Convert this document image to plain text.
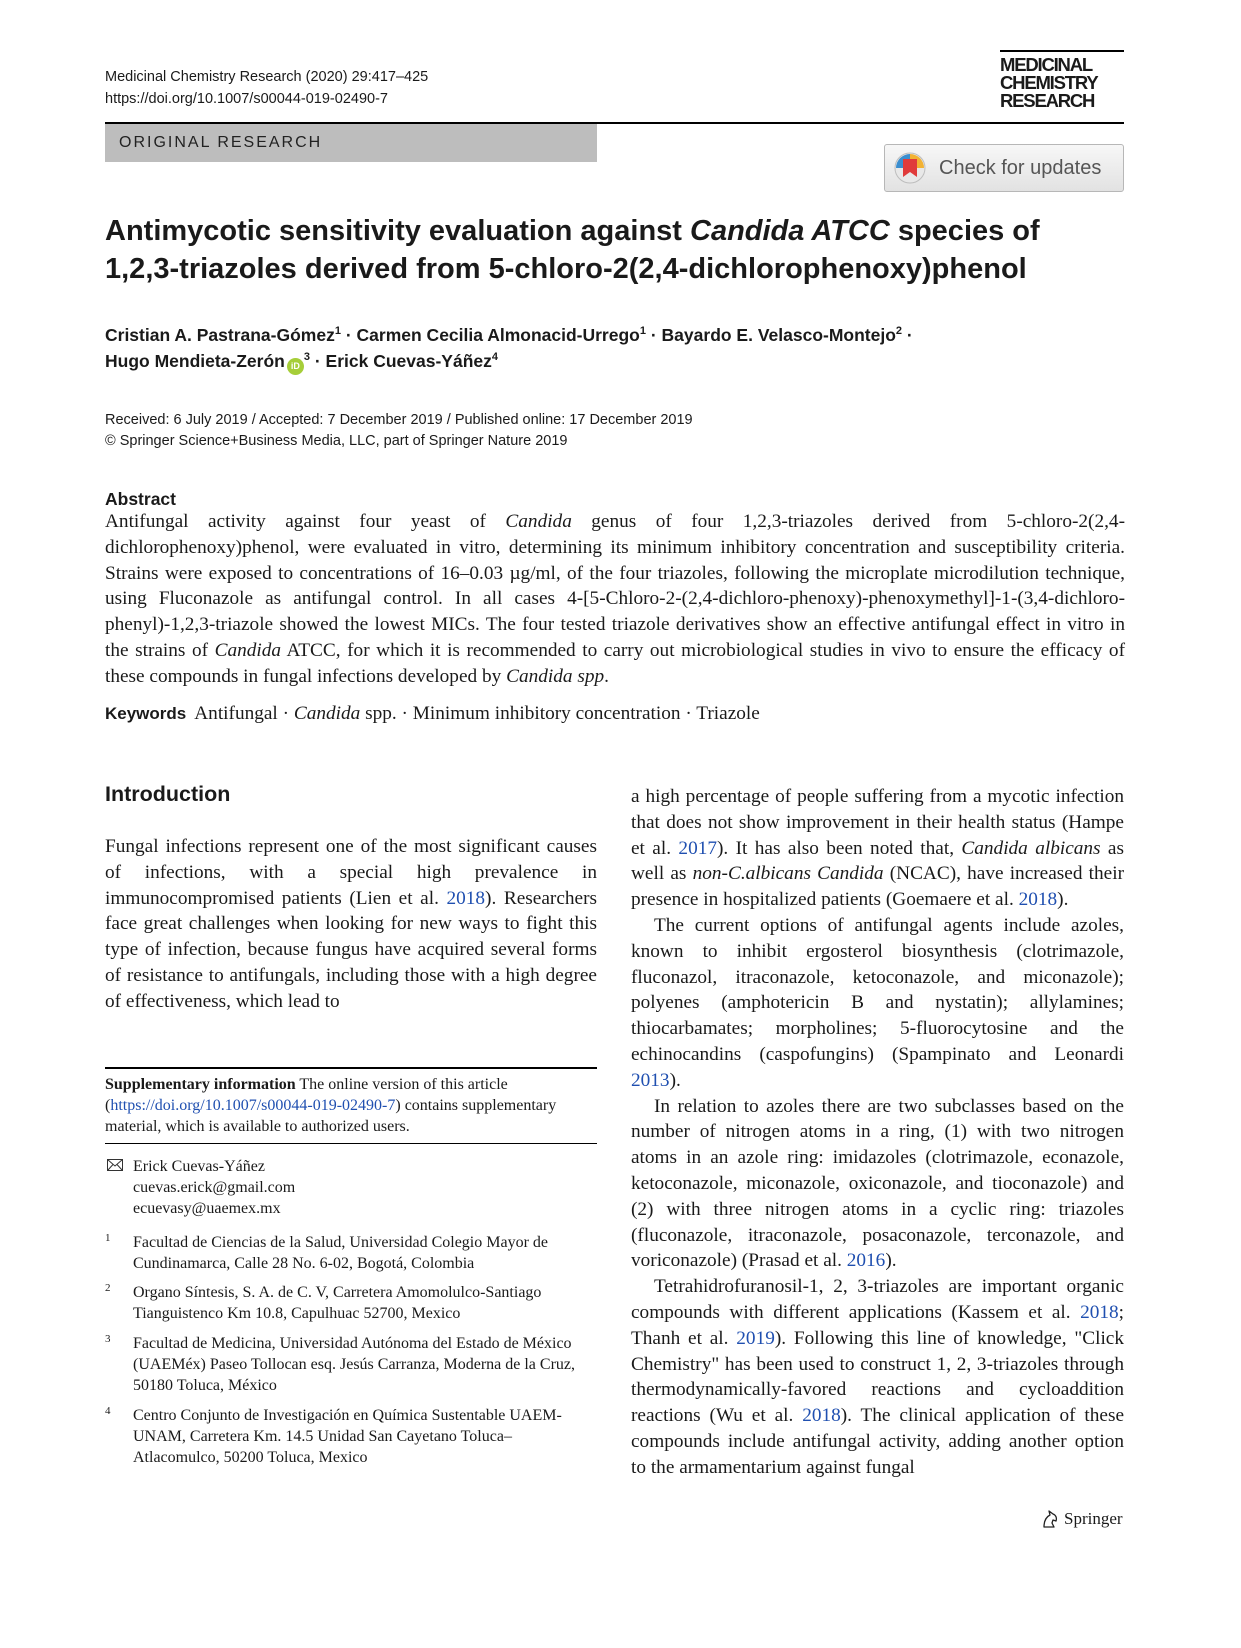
Medicinal Chemistry Research (2020) 29:417–425
https://doi.org/10.1007/s00044-019-02490-7
MEDICINAL
CHEMISTRY
RESEARCH
ORIGINAL RESEARCH
Check for updates
Antimycotic sensitivity evaluation against Candida ATCC species of
1,2,3-triazoles derived from 5-chloro-2(2,4-dichlorophenoxy)phenol
Cristian A. Pastrana-Gómez$^1$ · Carmen Cecilia Almonacid-Urrego$^1$ · Bayardo E. Velasco-Montejo$^2$ ·
Hugo Mendieta-Zerón $iD^3$ · Erick Cuevas-Yáñez$^4$
Received: 6 July 2019 / Accepted: 7 December 2019 / Published online: 17 December 2019
© Springer Science+Business Media, LLC, part of Springer Nature 2019
Abstract
Antifungal activity against four yeast of Candida genus of four 1,2,3-triazoles derived from 5-chloro-2(2,4-dichlorophenoxy)phenol, were evaluated in vitro, determining its minimum inhibitory concentration and susceptibility criteria. Strains were exposed to concentrations of 16–0.03 µg/ml, of the four triazoles, following the microplate microdilution technique, using Fluconazole as antifungal control. In all cases 4-[5-Chloro-2-(2,4-dichloro-phenoxy)-phenoxymethyl]-1-(3,4-dichloro-phenyl)-1,2,3-triazole showed the lowest MICs. The four tested triazole derivatives show an effective antifungal effect in vitro in the strains of Candida ATCC, for which it is recommended to carry out microbiological studies in vivo to ensure the efficacy of these compounds in fungal infections developed by Candida spp.
Keywords Antifungal · Candida spp. · Minimum inhibitory concentration · Triazole
Introduction

Fungal infections represent one of the most significant causes of infections, with a special high prevalence in immunocompromised patients (Lien et al. 2018). Researchers face great challenges when looking for new ways to fight this type of infection, because fungus have acquired several forms of resistance to antifungals, including those with a high degree of effectiveness, which lead to

a high percentage of people suffering from a mycotic infection that does not show improvement in their health status (Hampe et al. 2017). It has also been noted that, Candida albicans as well as non-C.albicans Candida (NCAC), have increased their presence in hospitalized patients (Goemaere et al. 2018).

The current options of antifungal agents include azoles, known to inhibit ergosterol biosynthesis (clotrimazole, fluconazol, itraconazole, ketoconazole, and miconazole); polyenes (amphotericin B and nystatin); allylamines; thiocarbamates; morpholines; 5-fluorocytosine and the echinocandins (caspofungins) (Spampinato and Leonardi 2013).

In relation to azoles there are two subclasses based on the number of nitrogen atoms in a ring, (1) with two nitrogen atoms in an azole ring: imidazoles (clotrimazole, econazole, ketoconazole, miconazole, oxiconazole, and tioconazole) and (2) with three nitrogen atoms in a cyclic ring: triazoles (fluconazole, itraconazole, posaconazole, terconazole, and voriconazole) (Prasad et al. 2016).

Tetrahidrofuranosil-1, 2, 3-triazoles are important organic compounds with different applications (Kassem et al. 2018; Thanh et al. 2019). Following this line of knowledge, "Click Chemistry" has been used to construct 1, 2, 3-triazoles through thermodynamically-favored reactions and cycloaddition reactions (Wu et al. 2018). The clinical application of these compounds include antifungal activity, adding another option to the armamentarium against fungal

Supplementary information The online version of this article (https://doi.org/10.1007/s00044-019-02490-7) contains supplementary material, which is available to authorized users.
Erick Cuevas-Yáñez
cuevas.erick@gmail.com
ecuevasy@uaemex.mx
1 Facultad de Ciencias de la Salud, Universidad Colegio Mayor de Cundinamarca, Calle 28 No. 6-02, Bogotá, Colombia
2 Organo Síntesis, S. A. de C. V, Carretera Amomolulco-Santiago Tianguistenco Km 10.8, Capulhuac 52700, Mexico
3 Facultad de Medicina, Universidad Autónoma del Estado de México (UAEMéx) Paseo Tollocan esq. Jesús Carranza, Moderna de la Cruz, 50180 Toluca, México
4 Centro Conjunto de Investigación en Química Sustentable UAEM-UNAM, Carretera Km. 14.5 Unidad San Cayetano Toluca–Atlacomulco, 50200 Toluca, Mexico
Springer
